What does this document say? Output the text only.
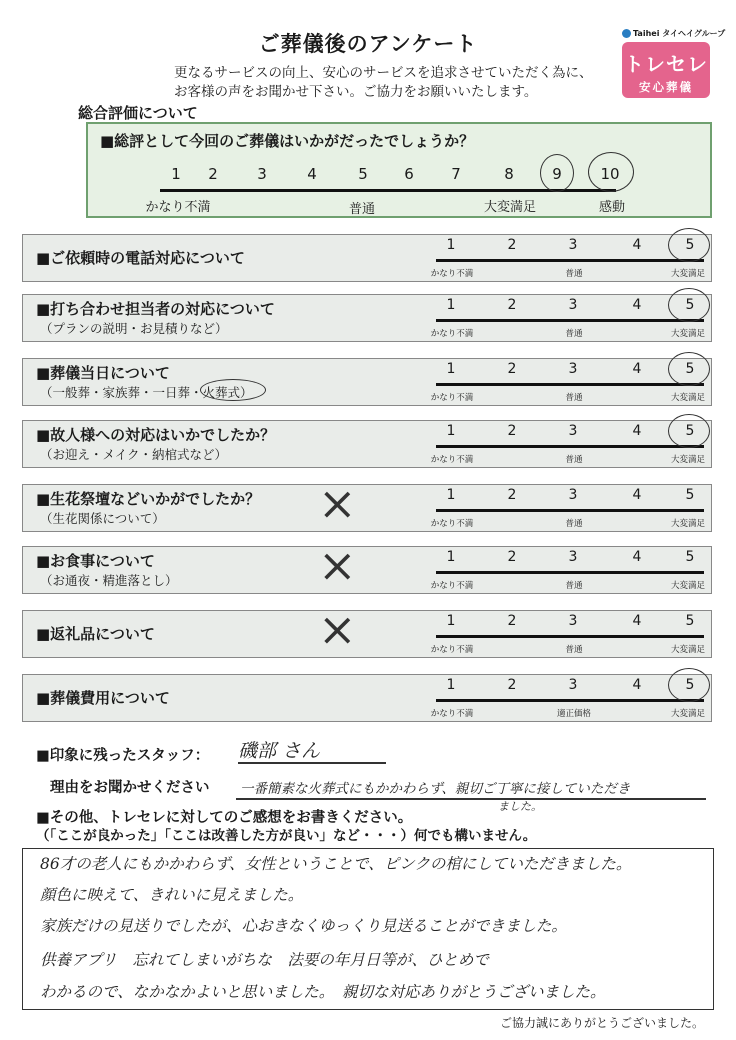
ご葬儀後のアンケート
更なるサービスの向上、安心のサービスを追求させていただく為に、
お客様の声をお聞かせ下さい。ご協力をお願いいたします。
Taihei タイヘイグループ
トレセレ
安心葬儀
総合評価について
■総評として今回のご葬儀はいかがだったでしょうか？
■印象に残ったスタッフ： 磯部 さん
理由をお聞かせください 一番簡素な火葬式にもかかわらず、親切ご丁寧に接していただき
ました。
■その他、トレセレに対してのご感想をお書きください。
（「ここが良かった」「ここは改善した方が良い」など・・・）何でも構いません。
86才の老人にもかかわらず、女性ということで、ピンクの棺にしていただきました。
顔色に映えて、きれいに見えました。
家族だけの見送りでしたが、心おきなくゆっくり見送ることができました。
供養アプリ　忘れてしまいがちな　法要の年月日等が、ひとめで
わかるので、なかなかよいと思いました。　親切な対応ありがとうございました。
ご協力誠にありがとうございました。
1 2	3	4	5 6 7	8	9	10
かなり不満	普通	大変満足	感動
■ご依頼時の電話対応について
1	2	3	4	5
かなり不満	普通	大変満足
■打ち合わせ担当者の対応について
（プランの説明・お見積りなど）
1	2	3	4	5
かなり不満	普通	大変満足
■葬儀当日について
（一般葬・家族葬・一日葬・火葬式）
1	2	3	4	5
かなり不満	普通	大変満足
■故人様への対応はいかでしたか？
（お迎え・メイク・納棺式など）
1	2	3	4	5
かなり不満	普通	大変満足
■生花祭壇などいかがでしたか？
（生花関係について）
1	2	3	4	5
かなり不満	普通	大変満足
×
■お食事について
（お通夜・精進落とし）
1	2	3	4	5
かなり不満	普通	大変満足
×
■返礼品について
1	2	3	4	5
かなり不満	普通	大変満足
×
■葬儀費用について
1	2	3	4	5
かなり不満	適正価格	大変満足
